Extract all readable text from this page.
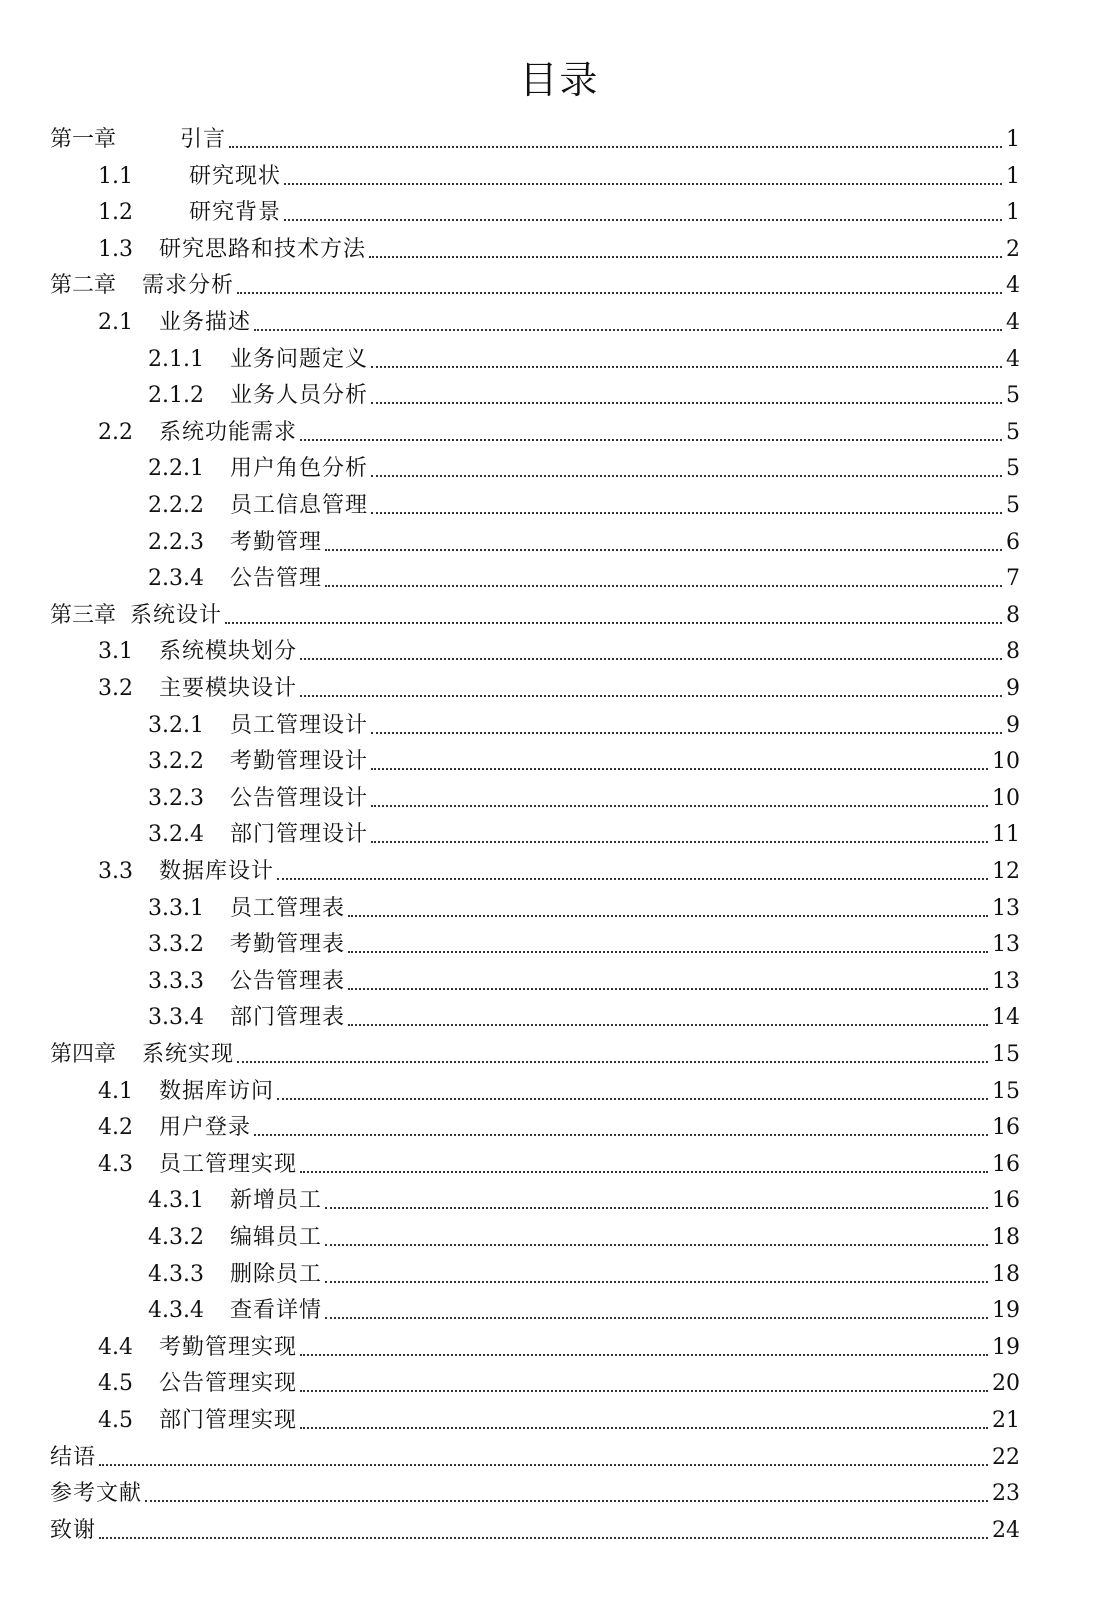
目录
第一章	引言	1
1.1	研究现状	1
1.2	研究背景	1
1.3 研究思路和技术方法	2
第二章 需求分析	4
2.1 业务描述	4
2.1.1 业务问题定义	4
2.1.2 业务人员分析	5
2.2 系统功能需求	5
2.2.1 用户角色分析	5
2.2.2 员工信息管理	5
2.2.3 考勤管理	6
2.3.4 公告管理	7
第三章 系统设计	8
3.1 系统模块划分	8
3.2 主要模块设计	9
3.2.1 员工管理设计	9
3.2.2 考勤管理设计	10
3.2.3 公告管理设计	10
3.2.4 部门管理设计	11
3.3 数据库设计	12
3.3.1 员工管理表	13
3.3.2 考勤管理表	13
3.3.3 公告管理表	13
3.3.4 部门管理表	14
第四章 系统实现	15
4.1 数据库访问	15
4.2 用户登录	16
4.3 员工管理实现	16
4.3.1 新增员工	16
4.3.2 编辑员工	18
4.3.3 删除员工	18
4.3.4 查看详情	19
4.4 考勤管理实现	19
4.5 公告管理实现	20
4.5 部门管理实现	21
结语	22
参考文献	23
致谢	24
